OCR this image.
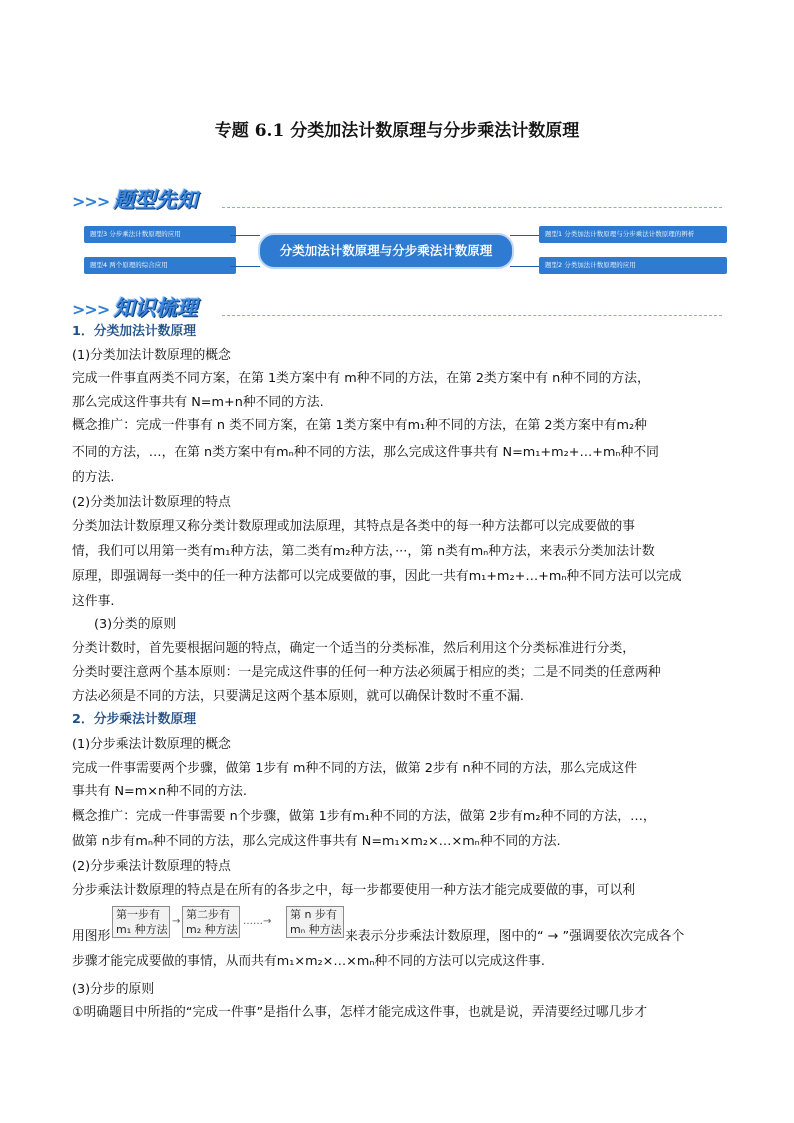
专题 6.1 分类加法计数原理与分步乘法计数原理
>>> 题型先知
题型3 分步乘法计数原理的应用
题型4 两个原理的综合应用
题型1 分类加法计数原理与分步乘法计数原理的辨析
题型2 分类加法计数原理的应用
分类加法计数原理与分步乘法计数原理
>>> 知识梳理
1．分类加法计数原理
(1)分类加法计数原理的概念
完成一件事直两类不同方案，在第 1类方案中有 m种不同的方法，在第 2类方案中有 n种不同的方法，
那么完成这件事共有 N=m+n种不同的方法.
概念推广：完成一件事有 n 类不同方案，在第 1类方案中有m₁种不同的方法，在第 2类方案中有m₂种
不同的方法，…，在第 n类方案中有mₙ种不同的方法，那么完成这件事共有 N=m₁+m₂+…+mₙ种不同
的方法.
(2)分类加法计数原理的特点
分类加法计数原理又称分类计数原理或加法原理，其特点是各类中的每一种方法都可以完成要做的事
情，我们可以用第一类有m₁种方法，第二类有m₂种方法，···，第 n类有mₙ种方法，来表示分类加法计数
原理，即强调每一类中的任一种方法都可以完成要做的事，因此一共有m₁+m₂+…+mₙ种不同方法可以完成
这件事.
(3)分类的原则
分类计数时，首先要根据问题的特点，确定一个适当的分类标准，然后利用这个分类标准进行分类，
分类时要注意两个基本原则：一是完成这件事的任何一种方法必须属于相应的类；二是不同类的任意两种
方法必须是不同的方法，只要满足这两个基本原则，就可以确保计数时不重不漏.
2．分步乘法计数原理
(1)分步乘法计数原理的概念
完成一件事需要两个步骤，做第 1步有 m种不同的方法，做第 2步有 n种不同的方法，那么完成这件
事共有 N=m×n种不同的方法.
概念推广：完成一件事需要 n个步骤，做第 1步有m₁种不同的方法，做第 2步有m₂种不同的方法，…，
做第 n步有mₙ种不同的方法，那么完成这件事共有 N=m₁×m₂×…×mₙ种不同的方法.
(2)分步乘法计数原理的特点
分步乘法计数原理的特点是在所有的各步之中，每一步都要使用一种方法才能完成要做的事，可以利
用图形
第一步有
m₁ 种方法
→
第二步有
m₂ 种方法
……→
第 n 步有
mₙ 种方法 来表示分步乘法计数原理，图中的“ → ”强调要依次完成各个
步骤才能完成要做的事情，从而共有m₁×m₂×…×mₙ种不同的方法可以完成这件事.
(3)分步的原则
①明确题目中所指的“完成一件事”是指什么事，怎样才能完成这件事，也就是说，弄清要经过哪几步才
